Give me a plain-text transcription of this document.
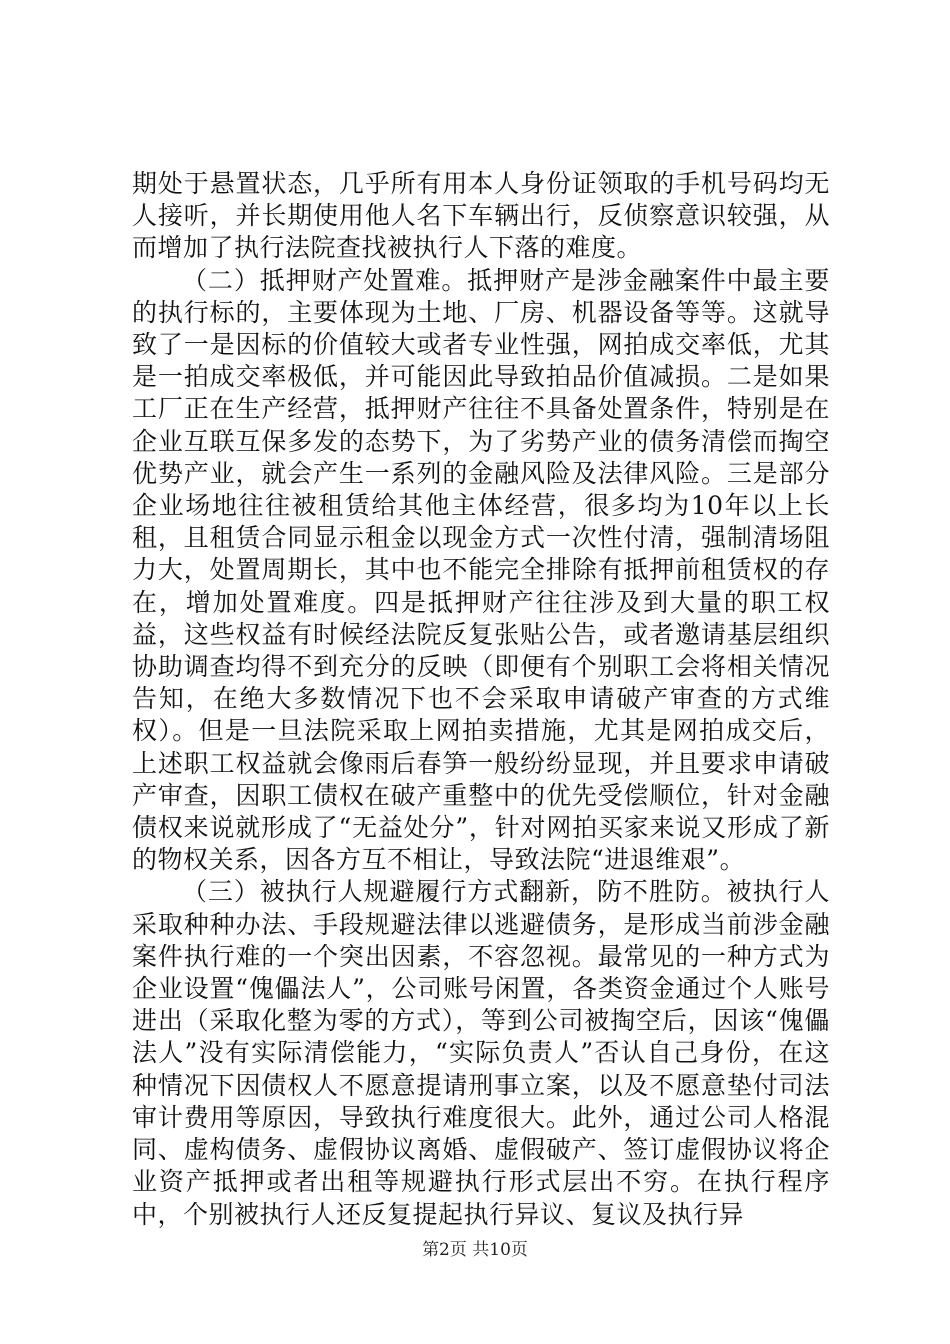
期处于悬置状态，几乎所有用本人身份证领取的手机号码均无人接听，并长期使用他人名下车辆出行，反侦察意识较强，从而增加了执行法院查找被执行人下落的难度。

（二）抵押财产处置难。抵押财产是涉金融案件中最主要的执行标的，主要体现为土地、厂房、机器设备等等。这就导致了一是因标的价值较大或者专业性强，网拍成交率低，尤其是一拍成交率极低，并可能因此导致拍品价值减损。二是如果工厂正在生产经营，抵押财产往往不具备处置条件，特别是在企业互联互保多发的态势下，为了劣势产业的债务清偿而掏空优势产业，就会产生一系列的金融风险及法律风险。三是部分企业场地往往被租赁给其他主体经营，很多均为10年以上长租，且租赁合同显示租金以现金方式一次性付清，强制清场阻力大，处置周期长，其中也不能完全排除有抵押前租赁权的存在，增加处置难度。四是抵押财产往往涉及到大量的职工权益，这些权益有时候经法院反复张贴公告，或者邀请基层组织协助调查均得不到充分的反映（即便有个别职工会将相关情况告知，在绝大多数情况下也不会采取申请破产审查的方式维权）。但是一旦法院采取上网拍卖措施，尤其是网拍成交后，上述职工权益就会像雨后春笋一般纷纷显现，并且要求申请破产审查，因职工债权在破产重整中的优先受偿顺位，针对金融债权来说就形成了“无益处分”，针对网拍买家来说又形成了新的物权关系，因各方互不相让，导致法院“进退维艰”。

（三）被执行人规避履行方式翻新，防不胜防。被执行人采取种种办法、手段规避法律以逃避债务，是形成当前涉金融案件执行难的一个突出因素，不容忽视。最常见的一种方式为企业设置“傀儡法人”，公司账号闲置，各类资金通过个人账号进出（采取化整为零的方式），等到公司被掏空后，因该“傀儡法人”没有实际清偿能力，“实际负责人”否认自己身份，在这种情况下因债权人不愿意提请刑事立案，以及不愿意垫付司法审计费用等原因，导致执行难度很大。此外，通过公司人格混同、虚构债务、虚假协议离婚、虚假破产、签订虚假协议将企业资产抵押或者出租等规避执行形式层出不穷。在执行程序中，个别被执行人还反复提起执行异议、复议及执行异

第2页 共10页
